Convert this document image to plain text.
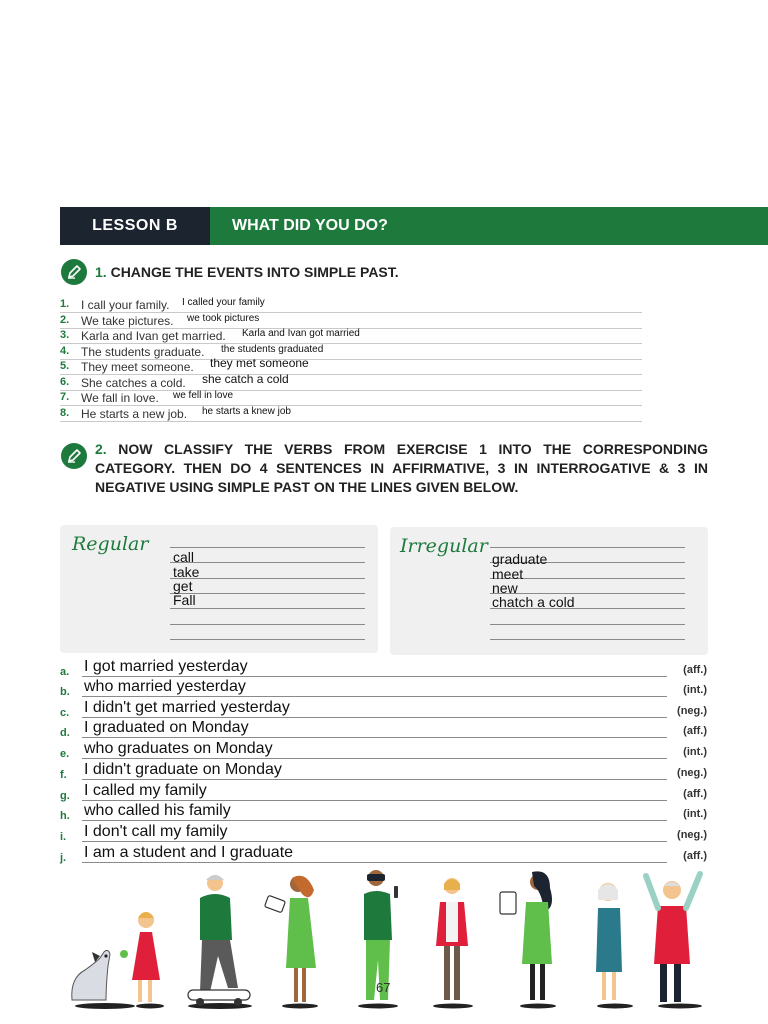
LESSON B	WHAT DID YOU DO?
1. CHANGE THE EVENTS INTO SIMPLE PAST.
1. I call your family. I called your family
2. We take pictures. we took pictures
3. Karla and Ivan get married. Karla and Ivan got married
4. The students graduate. the students graduated
5. They meet someone. they met someone
6. She catches a cold. she catch a cold
7. We fall in love. we fell in love
8. He starts a new job. he starts a knew job
2. NOW CLASSIFY THE VERBS FROM EXERCISE 1 INTO THE CORRESPONDING CATEGORY. THEN DO 4 SENTENCES IN AFFIRMATIVE, 3 IN INTERROGATIVE & 3 IN NEGATIVE USING SIMPLE PAST ON THE LINES GIVEN BELOW.
Regular
call
take
get
Fall
Irregular
graduate
meet
new
chatch a cold
a. I got married yesterday	(aff.)
b. who married yesterday	(int.)
c. I didn't get married yesterday	(neg.)
d. I graduated on Monday	(aff.)
e. who graduates on Monday	(int.)
f. I didn't graduate on Monday	(neg.)
g. I called my family	(aff.)
h. who called his family	(int.)
i. I don't call my family	(neg.)
j. I am a student and I graduate	(aff.)
67
